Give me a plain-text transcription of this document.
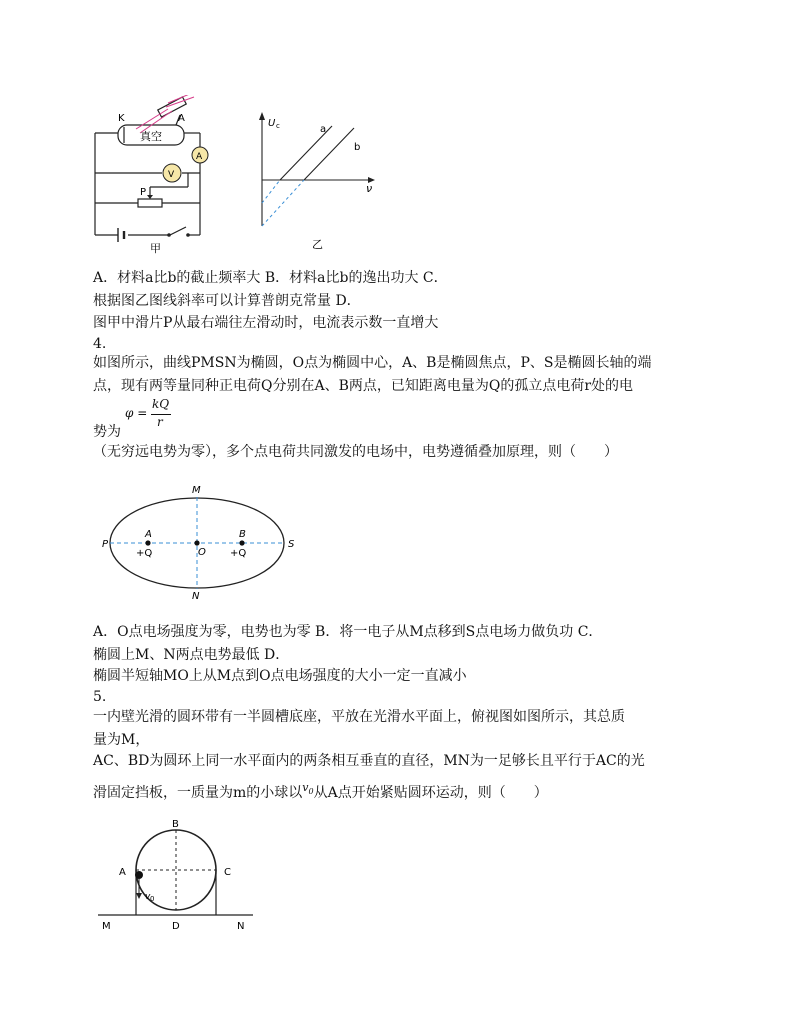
K	A
真空
A
V
P
甲
U c
ν
a
b
乙
A．材料a比b的截止频率大 B．材料a比b的逸出功大 C．
根据图乙图线斜率可以计算普朗克常量 D．
图甲中滑片P从最右端往左滑动时，电流表示数一直增大
4.
如图所示，曲线PMSN为椭圆，O点为椭圆中心，A、B是椭圆焦点，P、S是椭圆长轴的端
点，现有两等量同种正电荷Q分别在A、B两点，已知距离电量为Q的孤立点电荷r处的电
φ =
kQ
r
势为
（无穷远电势为零），多个点电荷共同激发的电场中，电势遵循叠加原理，则（　　）
M
N
P	S
O
A	B
+Q	+Q
A．O点电场强度为零，电势也为零 B．将一电子从M点移到S点电场力做负功 C．
椭圆上M、N两点电势最低 D．
椭圆半短轴MO上从M点到O点电场强度的大小一定一直减小
5.
一内壁光滑的圆环带有一半圆槽底座，平放在光滑水平面上，俯视图如图所示，其总质
量为M，
AC、BD为圆环上同一水平面内的两条相互垂直的直径，MN为一足够长且平行于AC的光
滑固定挡板，一质量为m的小球以$^{v_0}$从A点开始紧贴圆环运动，则（　　）
A
B
C
D
M	N
v 0
